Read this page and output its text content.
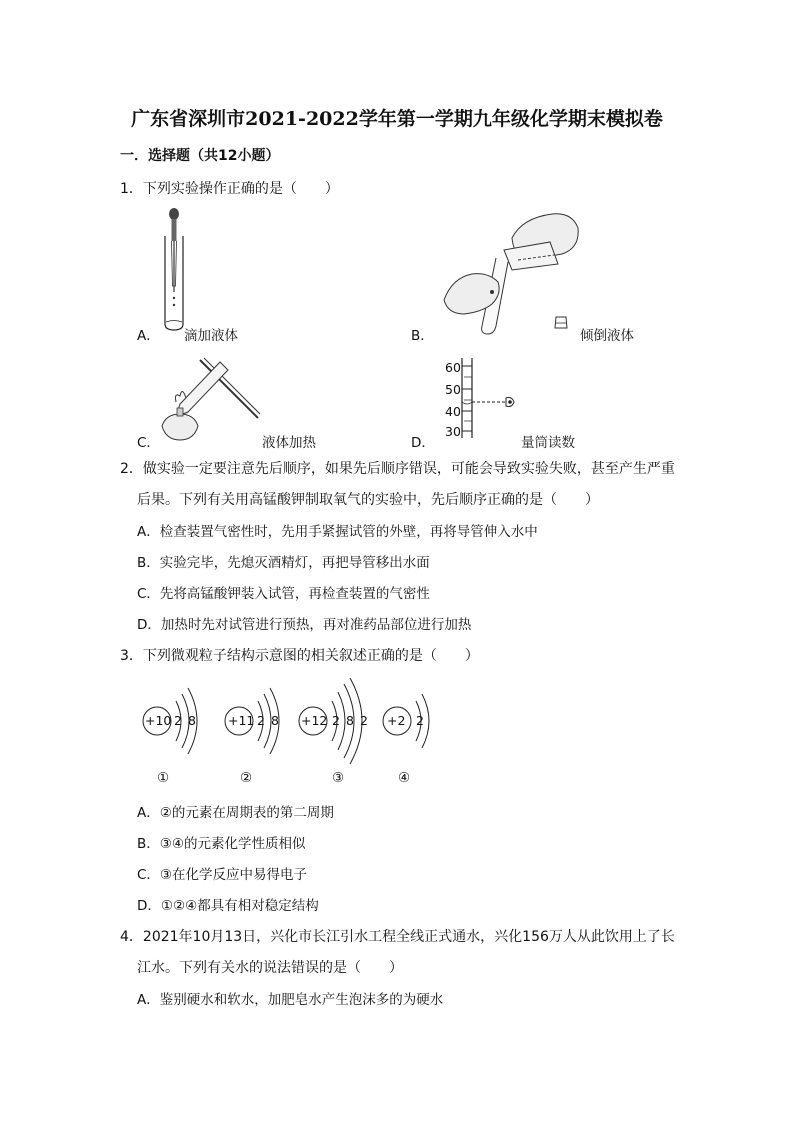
广东省深圳市2021-2022学年第一学期九年级化学期末模拟卷
一．选择题（共12小题）
1．下列实验操作正确的是（　　）
A． 滴加液体	B．	倾倒液体
C．	液体加热
60
50
40
30
D．	量筒读数
2．做实验一定要注意先后顺序，如果先后顺序错误，可能会导致实验失败，甚至产生严重
后果。下列有关用高锰酸钾制取氧气的实验中，先后顺序正确的是（　　）
A．检查装置气密性时，先用手紧握试管的外壁，再将导管伸入水中
B．实验完毕，先熄灭酒精灯，再把导管移出水面
C．先将高锰酸钾装入试管，再检查装置的气密性
D．加热时先对试管进行预热，再对准药品部位进行加热
3．下列微观粒子结构示意图的相关叙述正确的是（　　）
+10 2 8	+11 2 8 +12 2 8 2 +2 2
①	②	③	④
A．②的元素在周期表的第二周期
B．③④的元素化学性质相似
C．③在化学反应中易得电子
D．①②④都具有相对稳定结构
4．2021年10月13日，兴化市长江引水工程全线正式通水，兴化156万人从此饮用上了长
江水。下列有关水的说法错误的是（　　）
A．鉴别硬水和软水，加肥皂水产生泡沫多的为硬水
